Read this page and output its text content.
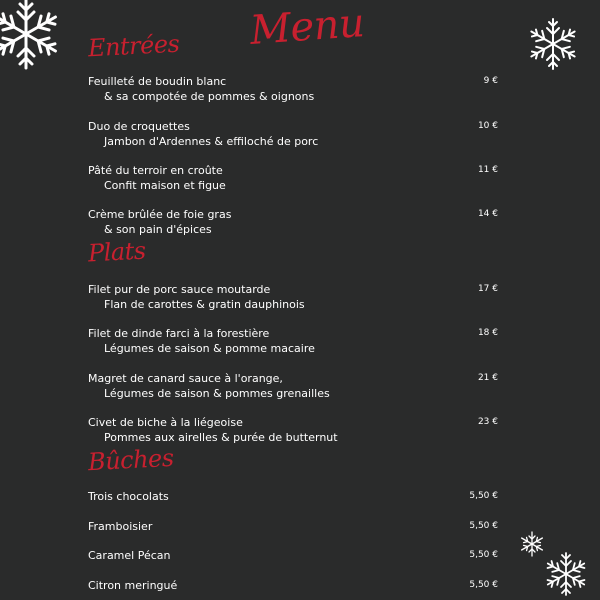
Menu
Entrées
Feuilleté de boudin blanc
& sa compotée de pommes & oignons
9 €
Duo de croquettes
Jambon d'Ardennes & effiloché de porc
10 €
Pâté du terroir en croûte
Confit maison et figue
11 €
Crème brûlée de foie gras
& son pain d'épices
14 €
Plats
Filet pur de porc sauce moutarde
Flan de carottes & gratin dauphinois
17 €
Filet de dinde farci à la forestière
Légumes de saison & pomme macaire
18 €
Magret de canard sauce à l'orange,
Légumes de saison & pommes grenailles
21 €
Civet de biche à la liégeoise
Pommes aux airelles & purée de butternut
23 €
Bûches
Trois chocolats	5,50 €
Framboisier	5,50 €
Caramel Pécan	5,50 €
Citron meringué	5,50 €
